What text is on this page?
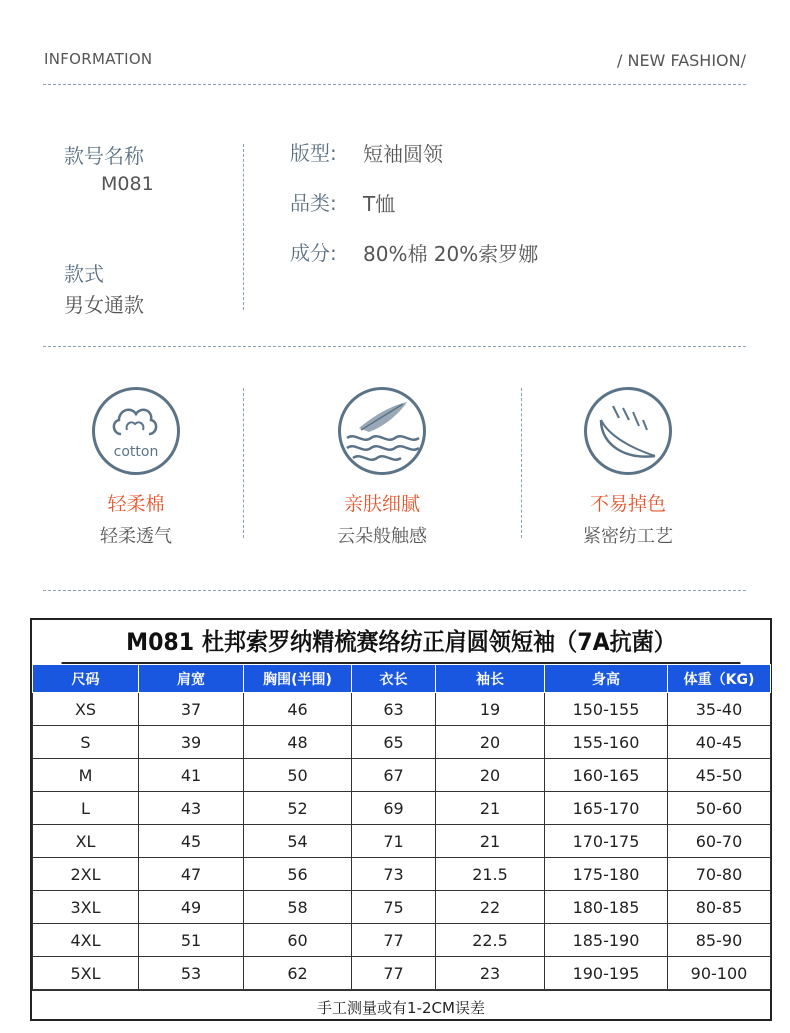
INFORMATION	/ NEW FASHION/
款号名称
M081
款式
男女通款
版型: 短袖圆领
品类: T恤
成分: 80%棉 20%索罗娜
cotton
轻柔棉
轻柔透气
亲肤细腻
云朵般触感
不易掉色
紧密纺工艺
M081 杜邦索罗纳精梳赛络纺正肩圆领短袖（7A抗菌）
尺码	肩宽	胸围(半围)	衣长	袖长	身高	体重（KG)
XS	37	46	63	19	150-155	35-40
S	39	48	65	20	155-160	40-45
M	41	50	67	20	160-165	45-50
L	43	52	69	21	165-170	50-60
XL	45	54	71	21	170-175	60-70
2XL	47	56	73	21.5	175-180	70-80
3XL	49	58	75	22	180-185	80-85
4XL	51	60	77	22.5	185-190	85-90
5XL	53	62	77	23	190-195	90-100
手工测量或有1-2CM误差
